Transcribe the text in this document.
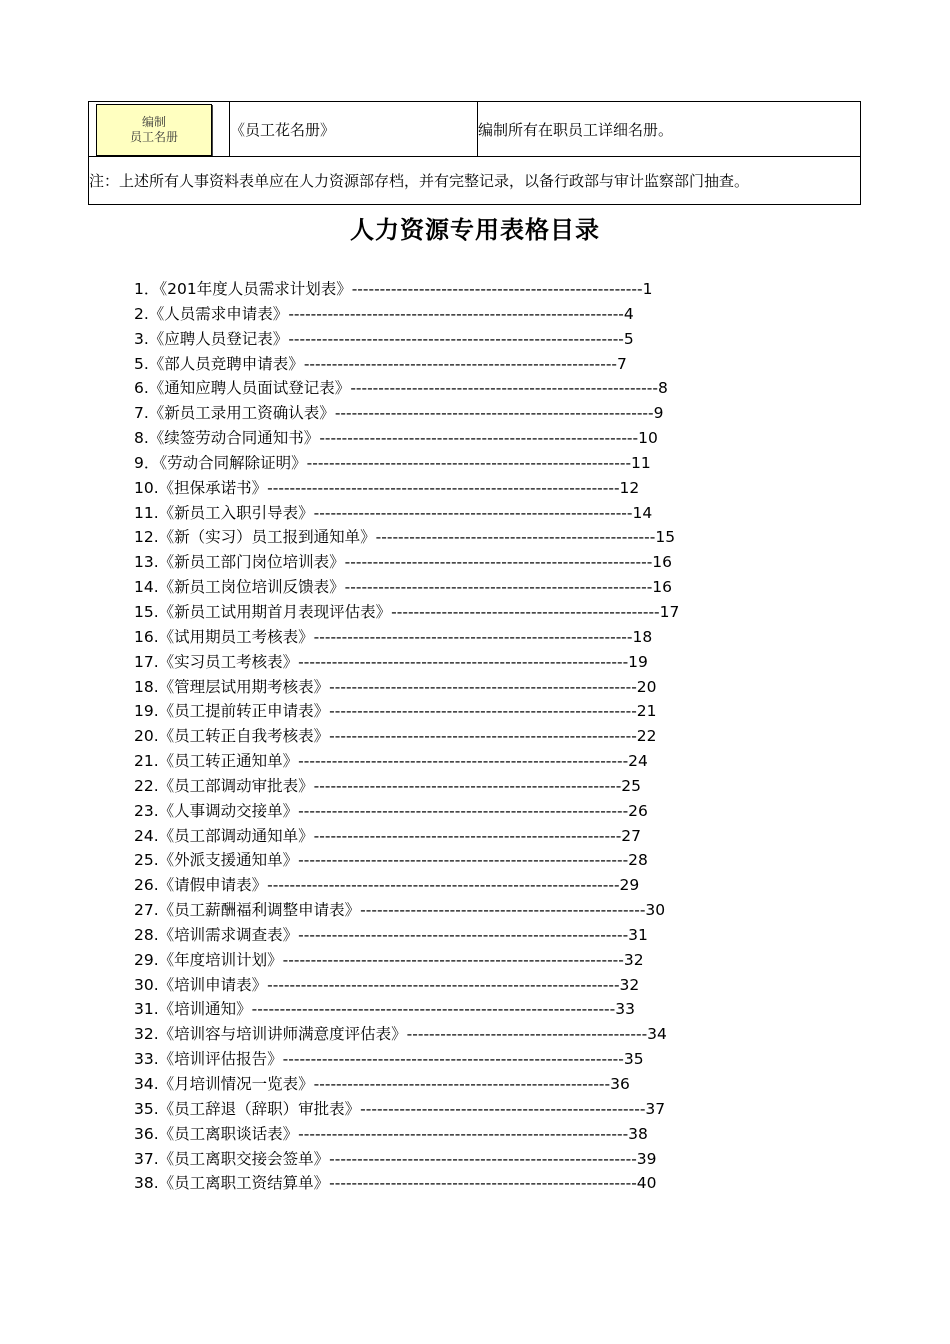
编制
员工名册	《员工花名册》	编制所有在职员工详细名册。
注：上述所有人事资料表单应在人力资源部存档，并有完整记录，以备行政部与审计监察部门抽查。
人力资源专用表格目录
1．《201年度人员需求计划表》----------------------------------------------------1
2.《人员需求申请表》------------------------------------------------------------4
3.《应聘人员登记表》------------------------------------------------------------5
5.《部人员竞聘申请表》--------------------------------------------------------7
6.《通知应聘人员面试登记表》-------------------------------------------------------8
7.《新员工录用工资确认表》---------------------------------------------------------9
8.《续签劳动合同通知书》---------------------------------------------------------10
9．《劳动合同解除证明》----------------------------------------------------------11
10.《担保承诺书》---------------------------------------------------------------12
11.《新员工入职引导表》---------------------------------------------------------14
12.《新（实习）员工报到通知单》--------------------------------------------------15
13.《新员工部门岗位培训表》-------------------------------------------------------16
14.《新员工岗位培训反馈表》-------------------------------------------------------16
15.《新员工试用期首月表现评估表》------------------------------------------------17
16.《试用期员工考核表》---------------------------------------------------------18
17.《实习员工考核表》-----------------------------------------------------------19
18.《管理层试用期考核表》-------------------------------------------------------20
19.《员工提前转正申请表》-------------------------------------------------------21
20.《员工转正自我考核表》-------------------------------------------------------22
21.《员工转正通知单》-----------------------------------------------------------24
22.《员工部调动审批表》-------------------------------------------------------25
23.《人事调动交接单》-----------------------------------------------------------26
24.《员工部调动通知单》-------------------------------------------------------27
25.《外派支援通知单》-----------------------------------------------------------28
26.《请假申请表》---------------------------------------------------------------29
27.《员工薪酬福利调整申请表》---------------------------------------------------30
28.《培训需求调查表》-----------------------------------------------------------31
29.《年度培训计划》-------------------------------------------------------------32
30.《培训申请表》---------------------------------------------------------------32
31.《培训通知》-----------------------------------------------------------------33
32.《培训容与培训讲师满意度评估表》-------------------------------------------34
33.《培训评估报告》-------------------------------------------------------------35
34.《月培训情况一览表》-----------------------------------------------------36
35.《员工辞退（辞职）审批表》---------------------------------------------------37
36.《员工离职谈话表》-----------------------------------------------------------38
37.《员工离职交接会签单》-------------------------------------------------------39
38.《员工离职工资结算单》-------------------------------------------------------40
